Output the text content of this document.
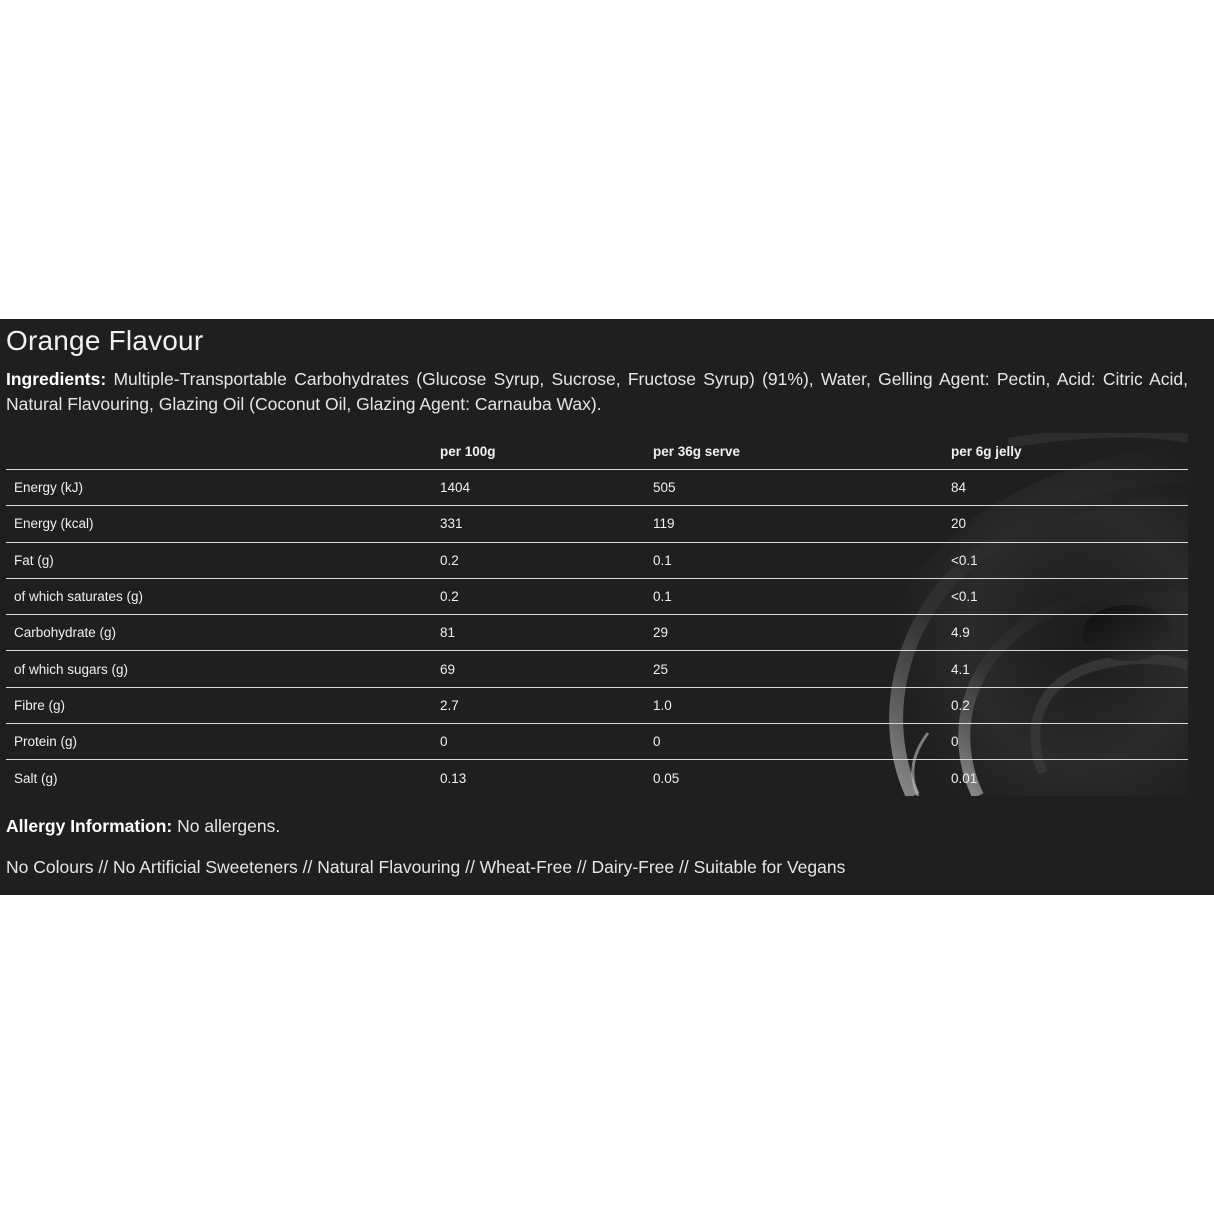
Orange Flavour
Ingredients: Multiple-Transportable Carbohydrates (Glucose Syrup, Sucrose, Fructose Syrup) (91%), Water, Gelling Agent: Pectin, Acid: Citric Acid, Natural Flavouring, Glazing Oil (Coconut Oil, Glazing Agent: Carnauba Wax).
	per 100g	per 36g serve	per 6g jelly
Energy (kJ)	1404	505	84
Energy (kcal)	331	119	20
Fat (g)	0.2	0.1	<0.1
of which saturates (g)	0.2	0.1	<0.1
Carbohydrate (g)	81	29	4.9
of which sugars (g)	69	25	4.1
Fibre (g)	2.7	1.0	0.2
Protein (g)	0	0	0
Salt (g)	0.13	0.05	0.01
Allergy Information: No allergens.
No Colours // No Artificial Sweeteners // Natural Flavouring // Wheat-Free // Dairy-Free // Suitable for Vegans
